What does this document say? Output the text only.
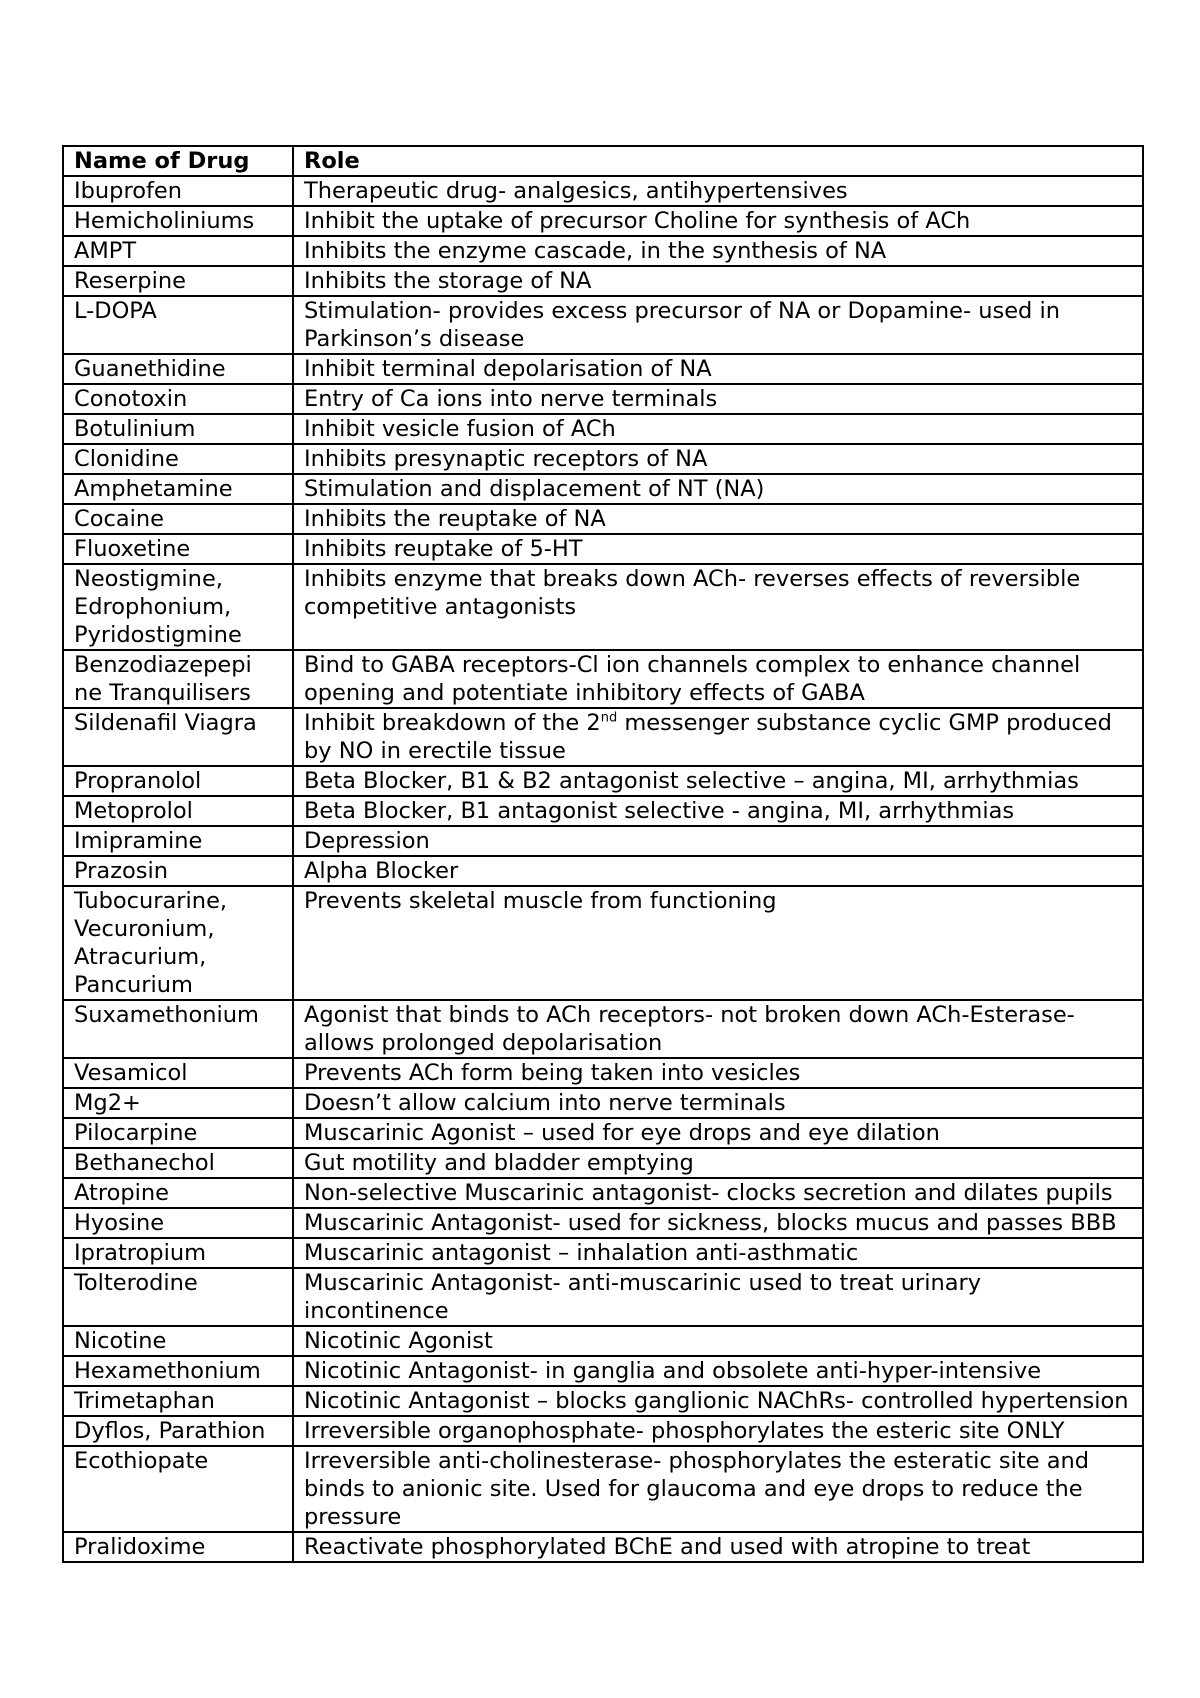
Name of Drug	Role
Ibuprofen	Therapeutic drug- analgesics, antihypertensives
Hemicholiniums	Inhibit the uptake of precursor Choline for synthesis of ACh
AMPT	Inhibits the enzyme cascade, in the synthesis of NA
Reserpine	Inhibits the storage of NA
L-DOPA	Stimulation- provides excess precursor of NA or Dopamine- used in Parkinson’s disease
Guanethidine	Inhibit terminal depolarisation of NA
Conotoxin	Entry of Ca ions into nerve terminals
Botulinium	Inhibit vesicle fusion of ACh
Clonidine	Inhibits presynaptic receptors of NA
Amphetamine	Stimulation and displacement of NT (NA)
Cocaine	Inhibits the reuptake of NA
Fluoxetine	Inhibits reuptake of 5-HT
Neostigmine,
Edrophonium,
Pyridostigmine	Inhibits enzyme that breaks down ACh- reverses effects of reversible competitive antagonists
Benzodiazepepi
ne Tranquilisers	Bind to GABA receptors-Cl ion channels complex to enhance channel opening and potentiate inhibitory effects of GABA
Sildenafil Viagra	Inhibit breakdown of the 2nd messenger substance cyclic GMP produced by NO in erectile tissue
Propranolol	Beta Blocker, B1 & B2 antagonist selective – angina, MI, arrhythmias
Metoprolol	Beta Blocker, B1 antagonist selective - angina, MI, arrhythmias
Imipramine	Depression
Prazosin	Alpha Blocker
Tubocurarine,
Vecuronium,
Atracurium,
Pancurium	Prevents skeletal muscle from functioning
Suxamethonium	Agonist that binds to ACh receptors- not broken down ACh-Esterase- allows prolonged depolarisation
Vesamicol	Prevents ACh form being taken into vesicles
Mg2+	Doesn’t allow calcium into nerve terminals
Pilocarpine	Muscarinic Agonist – used for eye drops and eye dilation
Bethanechol	Gut motility and bladder emptying
Atropine	Non-selective Muscarinic antagonist- clocks secretion and dilates pupils
Hyosine	Muscarinic Antagonist- used for sickness, blocks mucus and passes BBB
Ipratropium	Muscarinic antagonist – inhalation anti-asthmatic
Tolterodine	Muscarinic Antagonist- anti-muscarinic used to treat urinary incontinence
Nicotine	Nicotinic Agonist
Hexamethonium	Nicotinic Antagonist- in ganglia and obsolete anti-hyper-intensive
Trimetaphan	Nicotinic Antagonist – blocks ganglionic NAChRs- controlled hypertension
Dyflos, Parathion	Irreversible organophosphate- phosphorylates the esteric site ONLY
Ecothiopate	Irreversible anti-cholinesterase- phosphorylates the esteratic site and binds to anionic site. Used for glaucoma and eye drops to reduce the pressure
Pralidoxime	Reactivate phosphorylated BChE and used with atropine to treat
